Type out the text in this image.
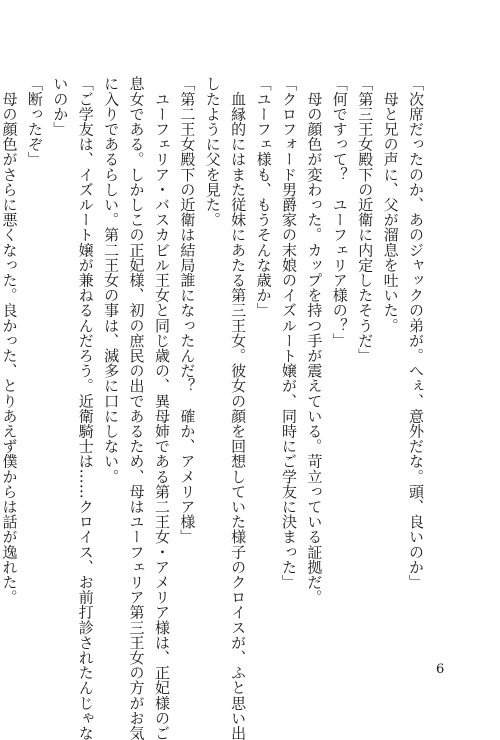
「次席だったのか、あのジャックの弟が。へぇ、意外だな。頭、良いのか」
　母と兄の声に、父が溜息を吐いた。
「第三王女殿下の近衛に内定したそうだ」
「何ですって？　ユーフェリア様の？」
　母の顔色が変わった。カップを持つ手が震えている。苛立っている証拠だ。
「クロフォード男爵家の末娘のイズルート嬢が、同時にご学友に決まった」
「ユーフェ様も、もうそんな歳か」
　血縁的にはまた従妹にあたる第三王女。彼女の顔を回想していた様子のクロイスが、ふと思い出
したように父を見た。
「第二王女殿下の近衛は結局誰になったんだ？　確か、アメリア様」
　ユーフェリア・バスカビル王女と同じ歳の、異母姉である第二王女・アメリア様は、正妃様のご
息女である。しかしこの正妃様、初の庶民の出であるため、母はユーフェリア第三王女の方がお気
に入りであるらしい。第二王女の事は、滅多に口にしない。
「ご学友は、イズルート嬢が兼ねるんだろう。近衛騎士は……クロイス、お前打診されたんじゃな
いのか」
「断ったぞ」
　母の顔色がさらに悪くなった。良かった、とりあえず僕からは話が逸れた。
6
